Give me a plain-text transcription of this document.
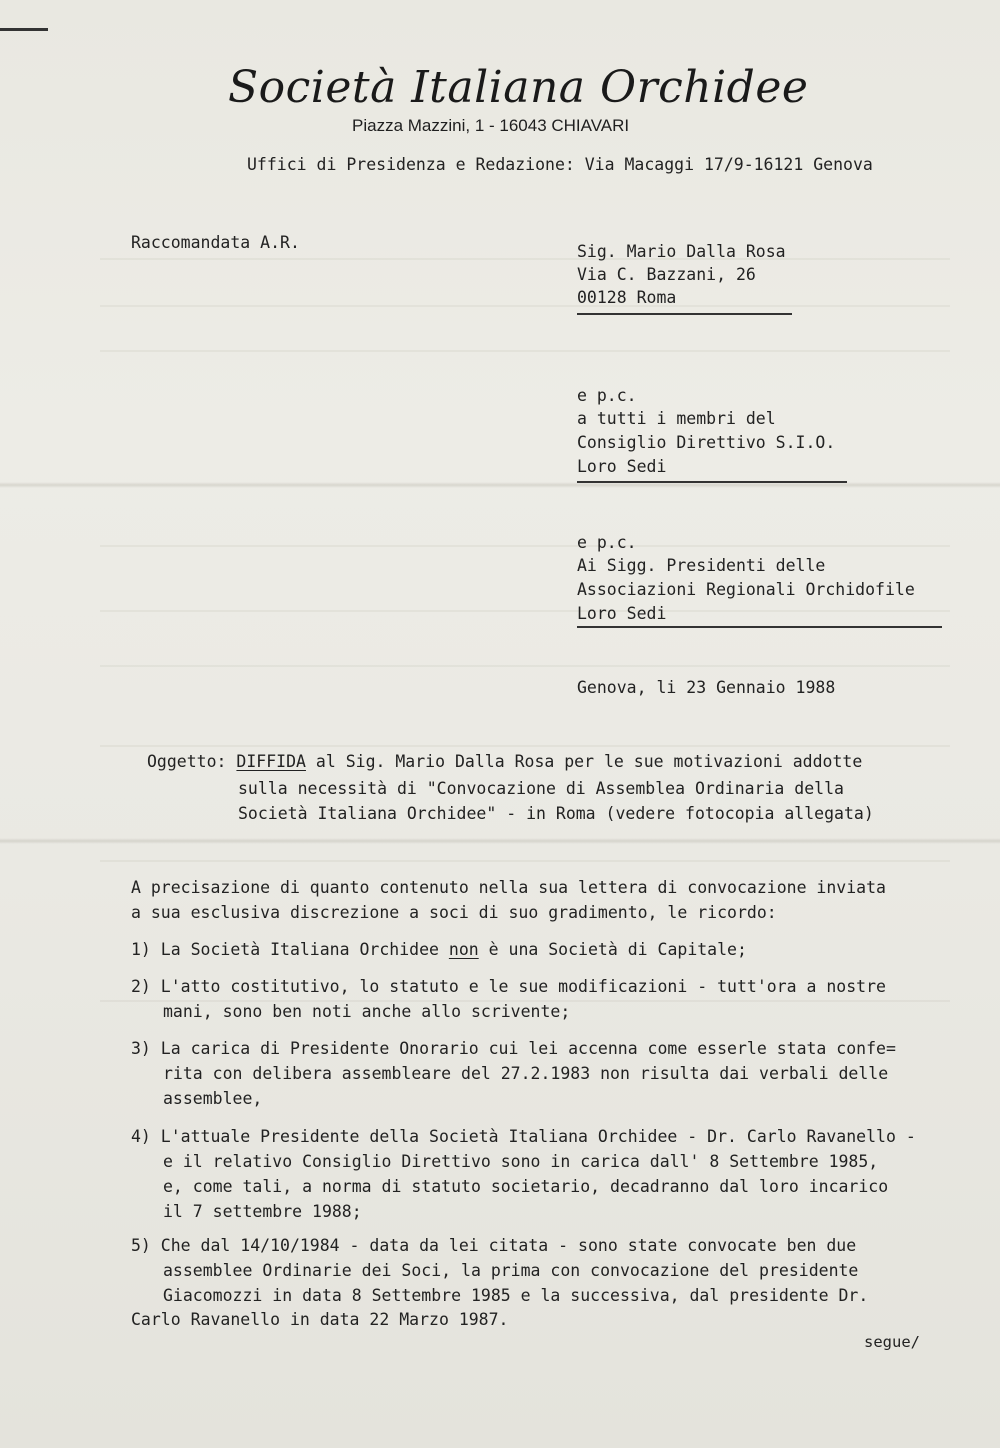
Società Italiana Orchidee
Piazza Mazzini, 1 - 16043 CHIAVARI
Uffici di Presidenza e Redazione: Via Macaggi 17/9-16121 Genova
Raccomandata A.R.	Sig. Mario Dalla Rosa
Via C. Bazzani, 26
00128 Roma
e p.c.
a tutti i membri del
Consiglio Direttivo S.I.O.
Loro Sedi
e p.c.
Ai Sigg. Presidenti delle
Associazioni Regionali Orchidofile
Loro Sedi
Genova, li 23 Gennaio 1988
Oggetto: DIFFIDA al Sig. Mario Dalla Rosa per le sue motivazioni addotte
sulla necessità di "Convocazione di Assemblea Ordinaria della
Società Italiana Orchidee" - in Roma (vedere fotocopia allegata)
A precisazione di quanto contenuto nella sua lettera di convocazione inviata
a sua esclusiva discrezione a soci di suo gradimento, le ricordo:
1) La Società Italiana Orchidee non è una Società di Capitale;
2) L'atto costitutivo, lo statuto e le sue modificazioni - tutt'ora a nostre
mani, sono ben noti anche allo scrivente;
3) La carica di Presidente Onorario cui lei accenna come esserle stata confe=
rita con delibera assembleare del 27.2.1983 non risulta dai verbali delle
assemblee,
4) L'attuale Presidente della Società Italiana Orchidee - Dr. Carlo Ravanello -
e il relativo Consiglio Direttivo sono in carica dall' 8 Settembre 1985,
e, come tali, a norma di statuto societario, decadranno dal loro incarico
il 7 settembre 1988;
5) Che dal 14/10/1984 - data da lei citata - sono state convocate ben due
assemblee Ordinarie dei Soci, la prima con convocazione del presidente
Giacomozzi in data 8 Settembre 1985 e la successiva, dal presidente Dr.
Carlo Ravanello in data 22 Marzo 1987.
segue/
